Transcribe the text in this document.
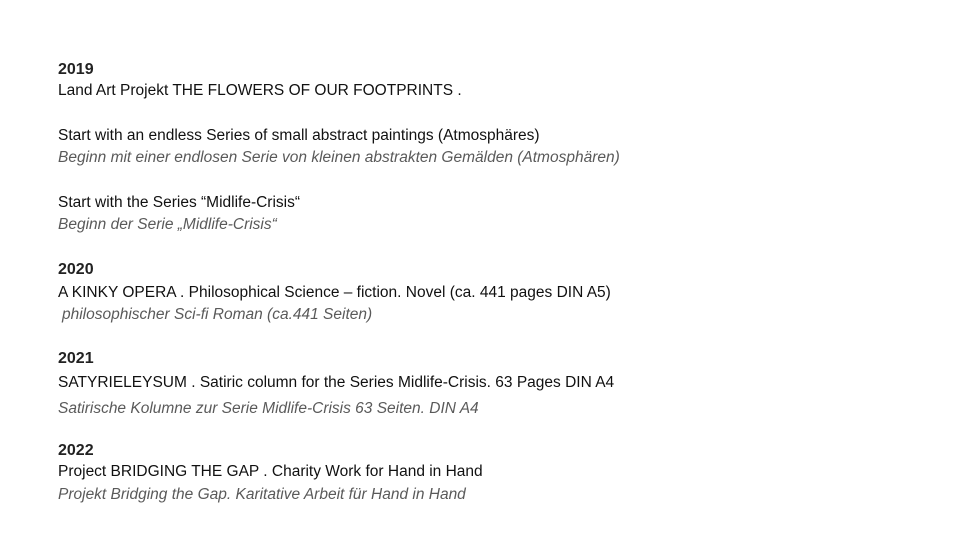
2019
Land Art Projekt THE FLOWERS OF OUR FOOTPRINTS .
Start with an endless Series of small abstract paintings (Atmosphäres)
Beginn mit einer endlosen Serie von kleinen abstrakten Gemälden (Atmosphären)
Start with the Series “Midlife-Crisis“
Beginn der Serie „Midlife-Crisis“
2020
A KINKY OPERA . Philosophical Science – fiction. Novel (ca. 441 pages DIN A5)
philosophischer Sci-fi Roman (ca.441 Seiten)
2021
SATYRIELEYSUM . Satiric column for the Series Midlife-Crisis. 63 Pages DIN A4
Satirische Kolumne zur Serie Midlife-Crisis 63 Seiten. DIN A4
2022
Project BRIDGING THE GAP . Charity Work for Hand in Hand
Projekt Bridging the Gap. Karitative Arbeit für Hand in Hand
